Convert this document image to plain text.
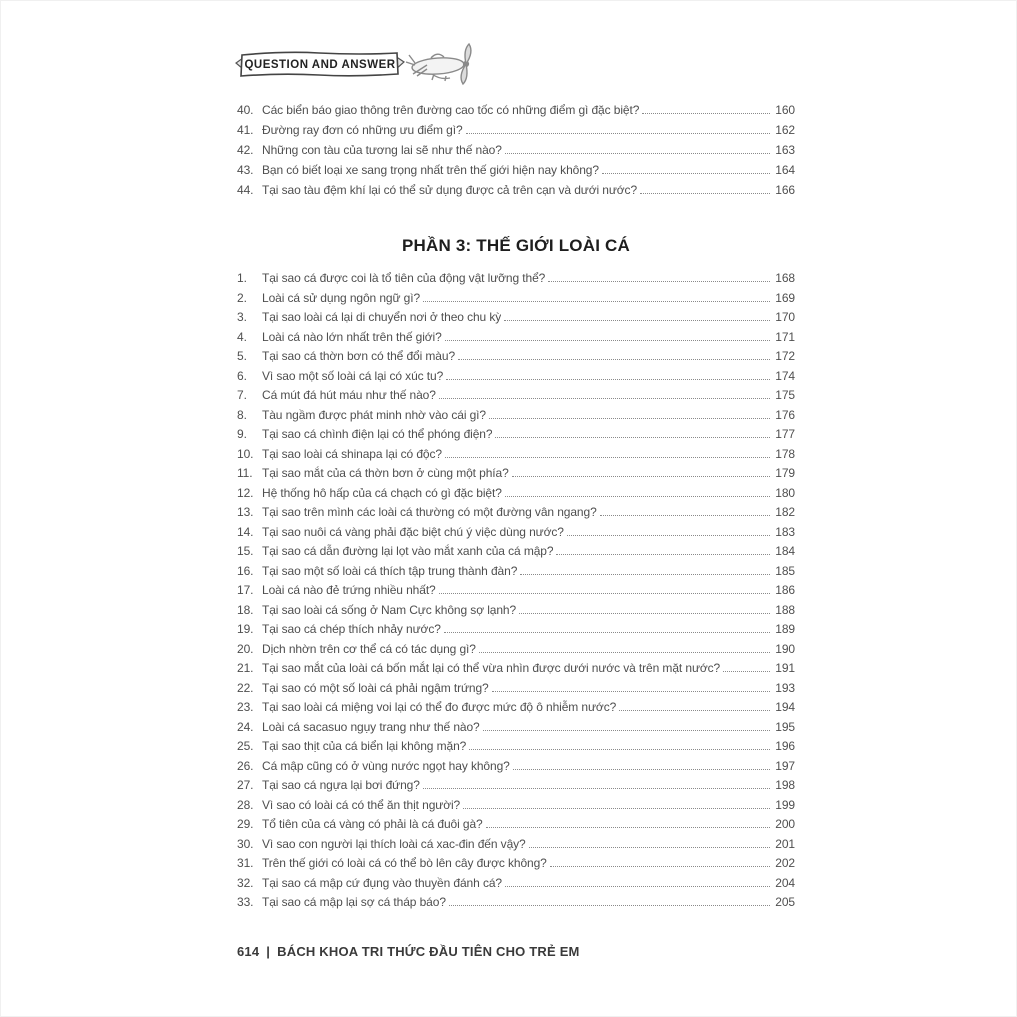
QUESTION AND ANSWER
40. Các biển báo giao thông trên đường cao tốc có những điểm gì đặc biệt?	160
41. Đường ray đơn có những ưu điểm gì?	162
42. Những con tàu của tương lai sẽ như thế nào?	163
43. Bạn có biết loại xe sang trọng nhất trên thế giới hiện nay không?	164
44. Tại sao tàu đệm khí lại có thể sử dụng được cả trên cạn và dưới nước?	166
PHẦN 3: THẾ GIỚI LOÀI CÁ
1.	Tại sao cá được coi là tổ tiên của động vật lưỡng thể?	168
2.	Loài cá sử dụng ngôn ngữ gì?	169
3.	Tại sao loài cá lại di chuyển nơi ở theo chu kỳ	170
4.	Loài cá nào lớn nhất trên thế giới?	171
5.	Tại sao cá thờn bơn có thể đổi màu?	172
6.	Vì sao một số loài cá lại có xúc tu?	174
7.	Cá mút đá hút máu như thế nào?	175
8.	Tàu ngầm được phát minh nhờ vào cái gì?	176
9.	Tại sao cá chình điện lại có thể phóng điện?	177
10. Tại sao loài cá shinapa lại có độc?	178
11. Tại sao mắt của cá thờn bơn ở cùng một phía?	179
12. Hệ thống hô hấp của cá chạch có gì đặc biệt?	180
13. Tại sao trên mình các loài cá thường có một đường vân ngang?	182
14. Tại sao nuôi cá vàng phải đặc biệt chú ý việc dùng nước?	183
15. Tại sao cá dẫn đường lại lọt vào mắt xanh của cá mập?	184
16. Tại sao một số loài cá thích tập trung thành đàn?	185
17. Loài cá nào đẻ trứng nhiều nhất?	186
18. Tại sao loài cá sống ở Nam Cực không sợ lạnh?	188
19. Tại sao cá chép thích nhảy nước?	189
20. Dịch nhờn trên cơ thể cá có tác dụng gì?	190
21. Tại sao mắt của loài cá bốn mắt lại có thể vừa nhìn được dưới nước và trên mặt nước?	191
22. Tại sao có một số loài cá phải ngậm trứng?	193
23. Tại sao loài cá miệng voi lại có thể đo được mức độ ô nhiễm nước?	194
24. Loài cá sacasuo ngụy trang như thế nào?	195
25. Tại sao thịt của cá biển lại không mặn?	196
26. Cá mập cũng có ở vùng nước ngọt hay không?	197
27. Tại sao cá ngựa lại bơi đứng?	198
28. Vì sao có loài cá có thể ăn thịt người?	199
29. Tổ tiên của cá vàng có phải là cá đuôi gà?	200
30. Vì sao con người lại thích loài cá xac-đin đến vậy?	201
31. Trên thế giới có loài cá có thể bò lên cây được không?	202
32. Tại sao cá mập cứ đụng vào thuyền đánh cá?	204
33. Tại sao cá mập lại sợ cá tháp báo?	205
614 | BÁCH KHOA TRI THỨC ĐẦU TIÊN CHO TRẺ EM
